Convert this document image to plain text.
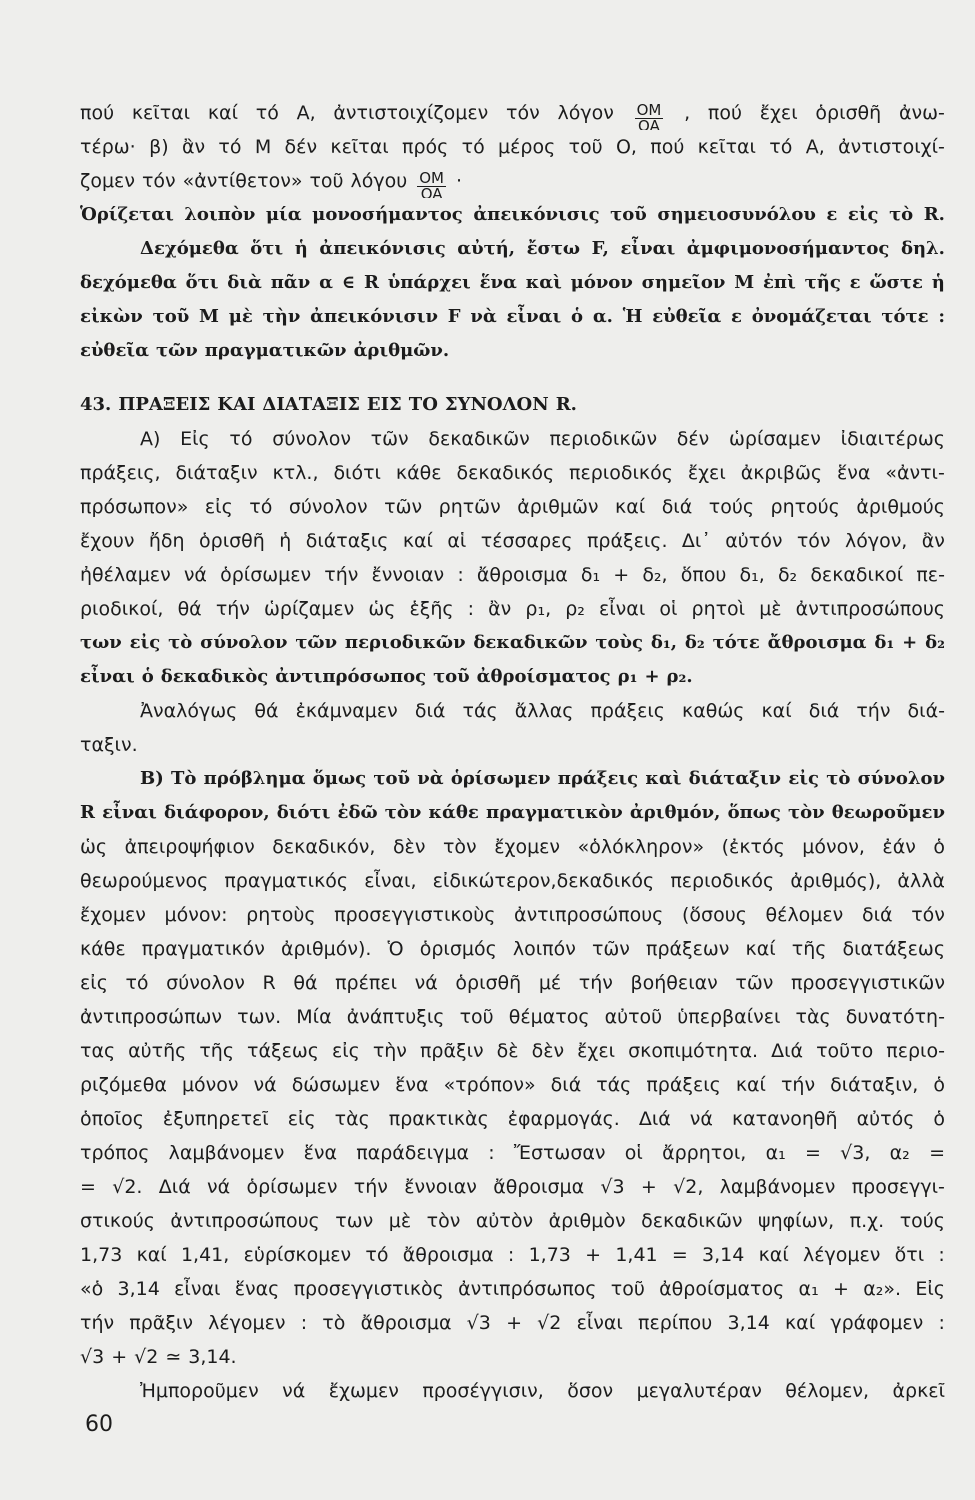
πού κεῖται καί τό Α, ἀντιστοιχίζομεν τόν λόγον $\frac{OM}{OA}$ , πού ἔχει ὁρισθῆ ἀνω-
τέρω· β) ἂν τό Μ δέν κεῖται πρός τό μέρος τοῦ Ο, πού κεῖται τό Α, ἀντιστοιχί-
ζομεν τόν «ἀντίθετον» τοῦ λόγου $\frac{OM}{OA}$ ·
Ὁρίζεται λοιπὸν μία μονοσήμαντος ἀπεικόνισις τοῦ σημειοσυνόλου ε εἰς τὸ R.
Δεχόμεθα ὅτι ἡ ἀπεικόνισις αὐτή, ἔστω F, εἶναι ἀμφιμονοσήμαντος δηλ.
δεχόμεθα ὅτι διὰ πᾶν α ∈ R ὑπάρχει ἕνα καὶ μόνον σημεῖον Μ ἐπὶ τῆς ε ὥστε ἡ
εἰκὼν τοῦ Μ μὲ τὴν ἀπεικόνισιν F νὰ εἶναι ὁ α. Ἡ εὐθεῖα ε ὀνομάζεται τότε :
εὐθεῖα τῶν πραγματικῶν ἀριθμῶν.
43. ΠΡΑΞΕΙΣ ΚΑΙ ΔΙΑΤΑΞΙΣ ΕΙΣ ΤΟ ΣΥΝΟΛΟΝ R.
Α) Εἰς τό σύνολον τῶν δεκαδικῶν περιοδικῶν δέν ὡρίσαμεν ἰδιαιτέρως
πράξεις, διάταξιν κτλ., διότι κάθε δεκαδικός περιοδικός ἔχει ἀκριβῶς ἕνα «ἀντι-
πρόσωπον» εἰς τό σύνολον τῶν ρητῶν ἀριθμῶν καί διά τούς ρητούς ἀριθμούς
ἔχουν ἤδη ὁρισθῆ ἡ διάταξις καί αἱ τέσσαρες πράξεις. Δι᾽ αὐτόν τόν λόγον, ἂν
ἠθέλαμεν νά ὁρίσωμεν τήν ἔννοιαν : ἄθροισμα δ₁ + δ₂, ὅπου δ₁, δ₂ δεκαδικοί πε-
ριοδικοί, θά τήν ὡρίζαμεν ὡς ἑξῆς : ἂν ρ₁, ρ₂ εἶναι οἱ ρητοὶ μὲ ἀντιπροσώπους
των εἰς τὸ σύνολον τῶν περιοδικῶν δεκαδικῶν τοὺς δ₁, δ₂ τότε ἄθροισμα δ₁ + δ₂
εἶναι ὁ δεκαδικὸς ἀντιπρόσωπος τοῦ ἀθροίσματος ρ₁ + ρ₂.
Ἀναλόγως θά ἐκάμναμεν διά τάς ἄλλας πράξεις καθώς καί διά τήν διά-
ταξιν.
Β) Τὸ πρόβλημα ὅμως τοῦ νὰ ὁρίσωμεν πράξεις καὶ διάταξιν εἰς τὸ σύνολον
R εἶναι διάφορον, διότι ἐδῶ τὸν κάθε πραγματικὸν ἀριθμόν, ὅπως τὸν θεωροῦμεν
ὡς ἀπειροψήφιον δεκαδικόν, δὲν τὸν ἔχομεν «ὁλόκληρον» (ἐκτός μόνον, ἐάν ὁ
θεωρούμενος πραγματικός εἶναι, εἰδικώτερον,δεκαδικός περιοδικός ἀριθμός), ἀλλὰ
ἔχομεν μόνον: ρητοὺς προσεγγιστικοὺς ἀντιπροσώπους (ὅσους θέλομεν διά τόν
κάθε πραγματικόν ἀριθμόν). Ὁ ὁρισμός λοιπόν τῶν πράξεων καί τῆς διατάξεως
εἰς τό σύνολον R θά πρέπει νά ὁρισθῆ μέ τήν βοήθειαν τῶν προσεγγιστικῶν
ἀντιπροσώπων των. Μία ἀνάπτυξις τοῦ θέματος αὐτοῦ ὑπερβαίνει τὰς δυνατότη-
τας αὐτῆς τῆς τάξεως εἰς τὴν πρᾶξιν δὲ δὲν ἔχει σκοπιμότητα. Διά τοῦτο περιο-
ριζόμεθα μόνον νά δώσωμεν ἕνα «τρόπον» διά τάς πράξεις καί τήν διάταξιν, ὁ
ὁποῖος ἐξυπηρετεῖ εἰς τὰς πρακτικὰς ἐφαρμογάς. Διά νά κατανοηθῆ αὐτός ὁ
τρόπος λαμβάνομεν ἕνα παράδειγμα : Ἔστωσαν οἱ ἄρρητοι, α₁ = √3, α₂ =
= √2. Διά νά ὁρίσωμεν τήν ἔννοιαν ἄθροισμα √3 + √2, λαμβάνομεν προσεγγι-
στικούς ἀντιπροσώπους των μὲ τὸν αὐτὸν ἀριθμὸν δεκαδικῶν ψηφίων, π.χ. τούς
1,73 καί 1,41, εὑρίσκομεν τό ἄθροισμα : 1,73 + 1,41 = 3,14 καί λέγομεν ὅτι :
«ὁ 3,14 εἶναι ἕνας προσεγγιστικὸς ἀντιπρόσωπος τοῦ ἀθροίσματος α₁ + α₂». Εἰς
τήν πρᾶξιν λέγομεν : τὸ ἄθροισμα √3 + √2 εἶναι περίπου 3,14 καί γράφομεν :
√3 + √2 ≃ 3,14.
Ἠμποροῦμεν νά ἔχωμεν προσέγγισιν, ὅσον μεγαλυτέραν θέλομεν, ἀρκεῖ
60
